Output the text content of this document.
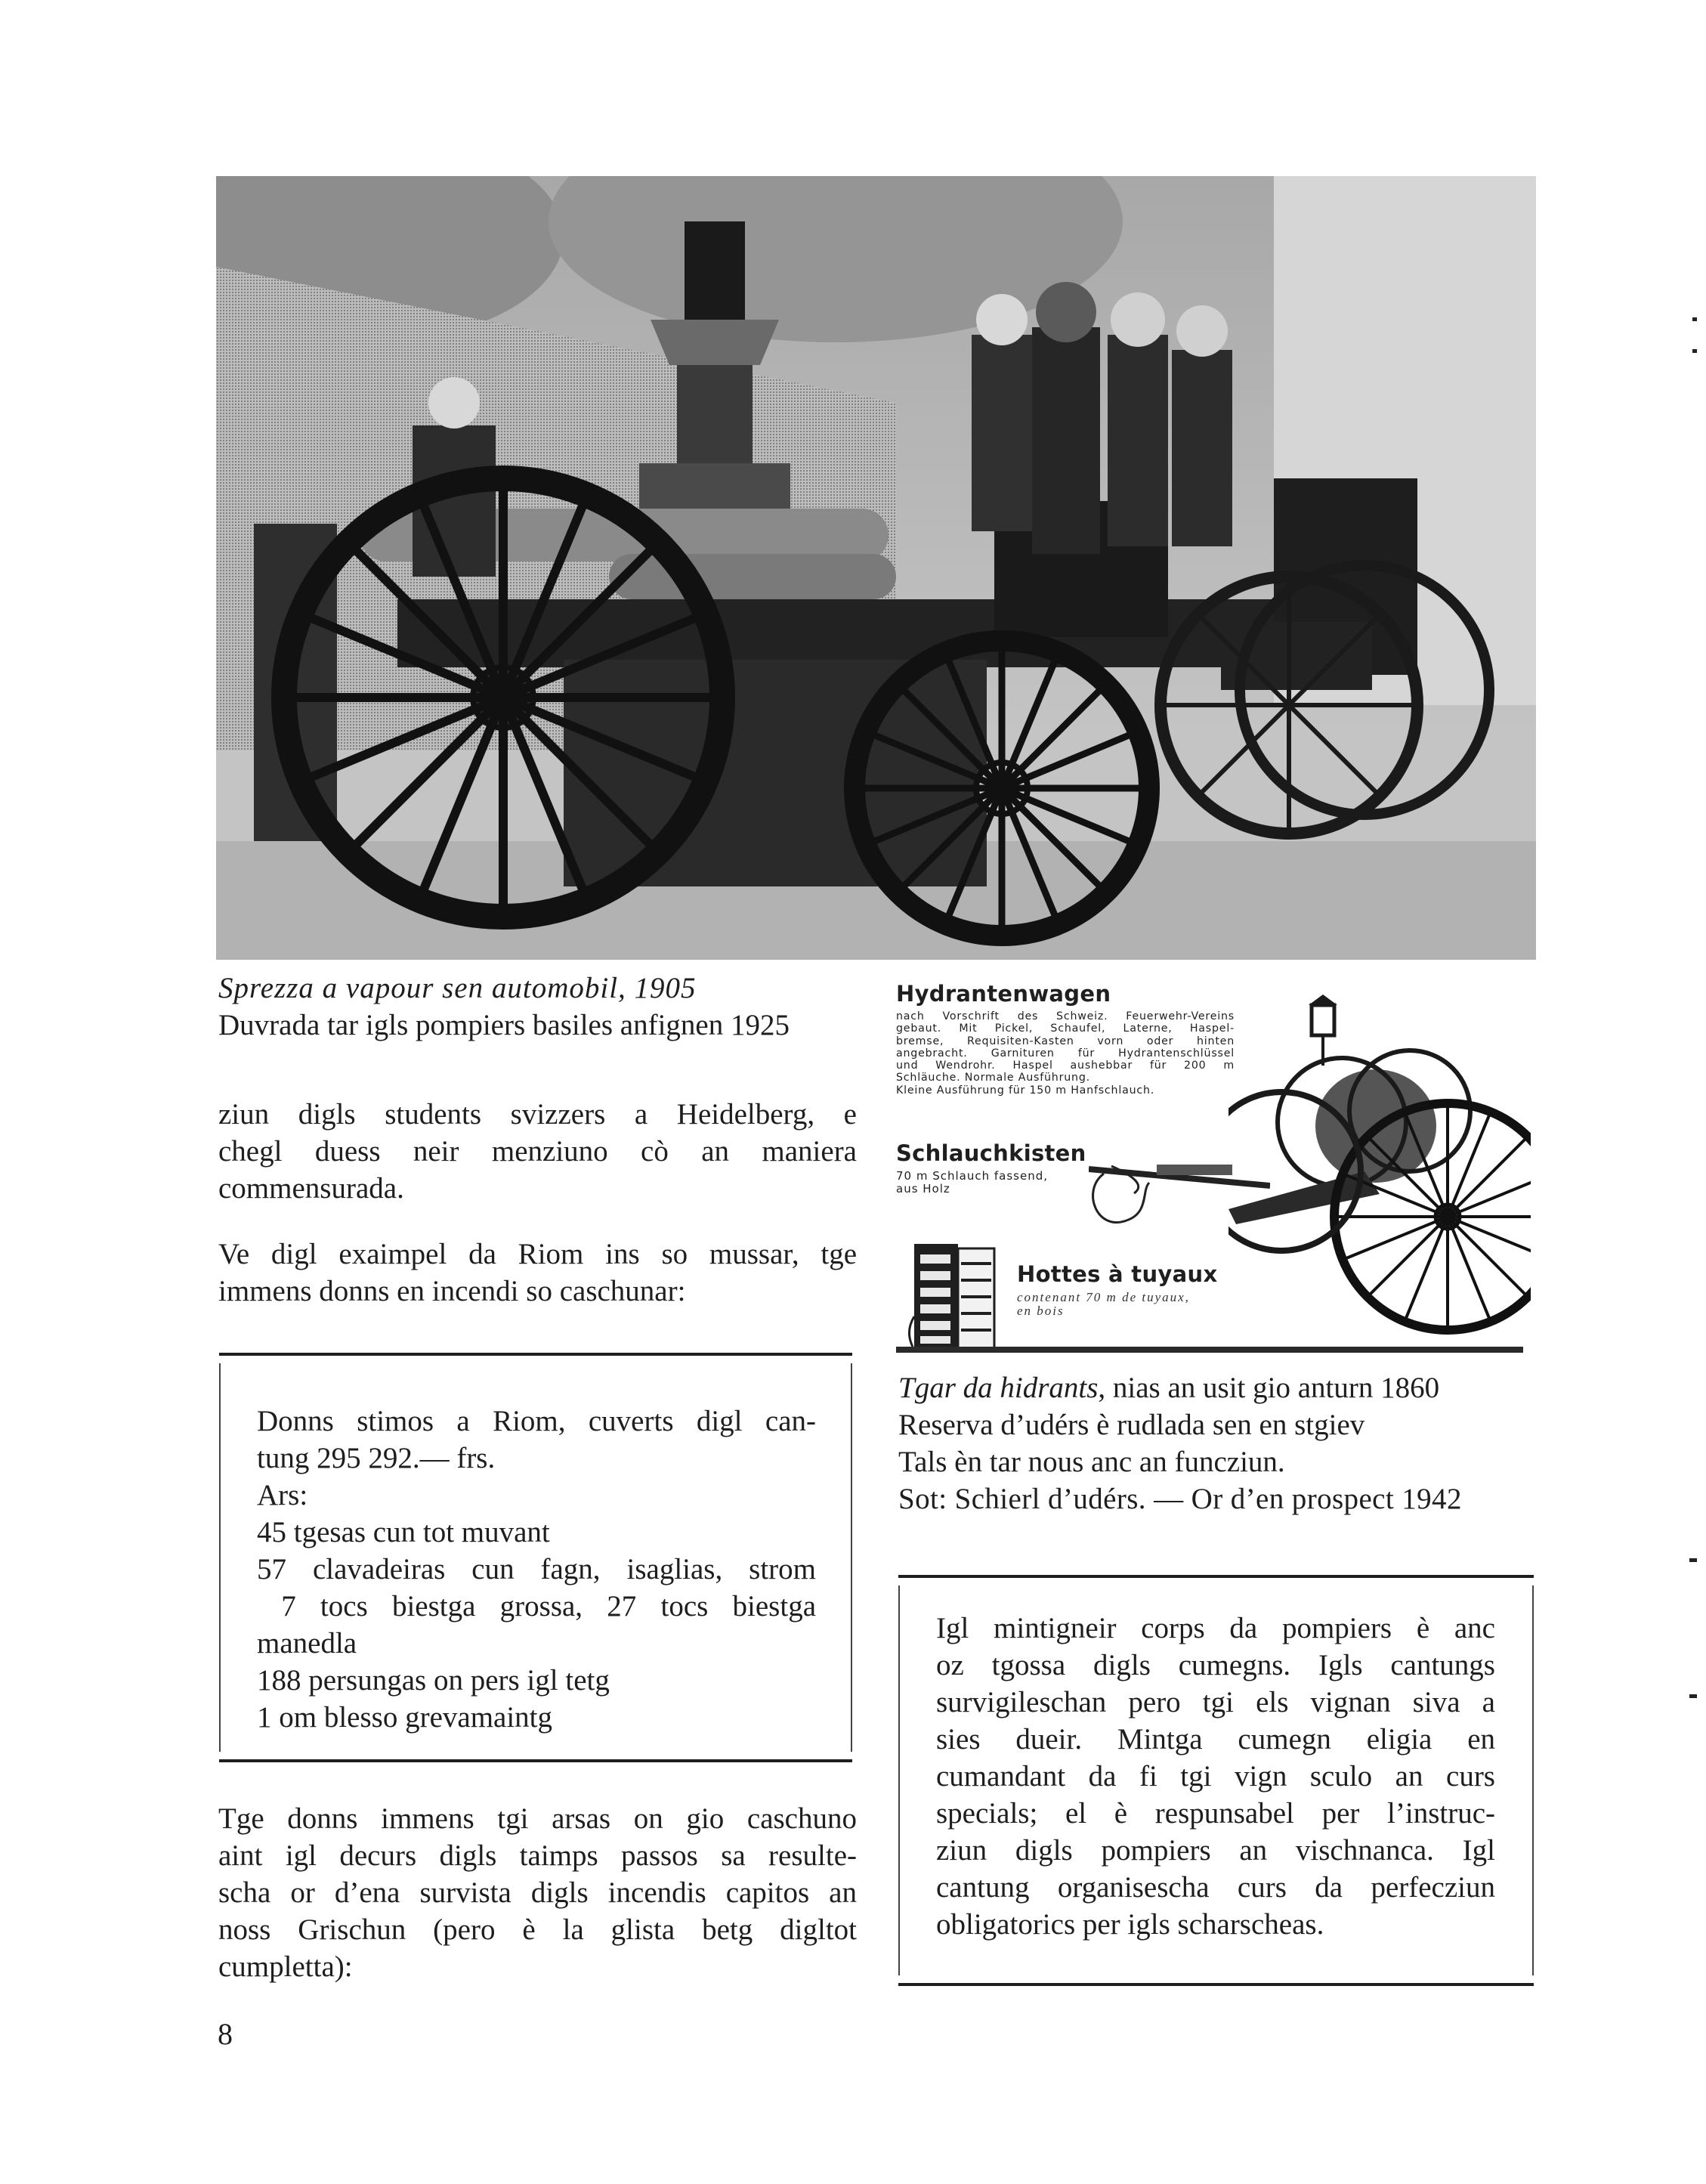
Sprezza a vapour sen automobil, 1905
Duvrada tar igls pompiers basiles anfignen 1925
ziun digls students svizzers a Heidelberg, e
chegl duess neir menziuno cò an maniera
commensurada.
Ve digl exaimpel da Riom ins so mussar, tge
immens donns en incendi so caschunar:
Donns stimos a Riom, cuverts digl can-
tung 295 292.— frs.
Ars:
45 tgesas cun tot muvant
57 clavadeiras cun fagn, isaglias, strom
7 tocs biestga grossa, 27 tocs biestga
manedla
188 persungas on pers igl tetg
1 om blesso grevamaintg
Tge donns immens tgi arsas on gio caschuno
aint igl decurs digls taimps passos sa resulte-
scha or d’ena survista digls incendis capitos an
noss Grischun (pero è la glista betg digltot
cumpletta):
8
Hydrantenwagen
nach Vorschrift des Schweiz. Feuerwehr-Vereins
gebaut. Mit Pickel, Schaufel, Laterne, Haspel-
bremse, Requisiten-Kasten vorn oder hinten
angebracht. Garnituren für Hydrantenschlüssel
und Wendrohr. Haspel aushebbar für 200 m
Schläuche. Normale Ausführung.
Kleine Ausführung für 150 m Hanfschlauch.
Schlauchkisten
70 m Schlauch fassend,
aus Holz
Hottes à tuyaux
contenant 70 m de tuyaux,
en bois
Tgar da hidrants, nias an usit gio anturn 1860
Reserva d’udérs è rudlada sen en stgiev
Tals èn tar nous anc an funcziun.
Sot: Schierl d’udérs. — Or d’en prospect 1942
Igl mintigneir corps da pompiers è anc
oz tgossa digls cumegns. Igls cantungs
survigileschan pero tgi els vignan siva a
sies dueir. Mintga cumegn eligia en
cumandant da fi tgi vign sculo an curs
specials; el è respunsabel per l’instruc-
ziun digls pompiers an vischnanca. Igl
cantung organisescha curs da perfecziun
obligatorics per igls scharscheas.
